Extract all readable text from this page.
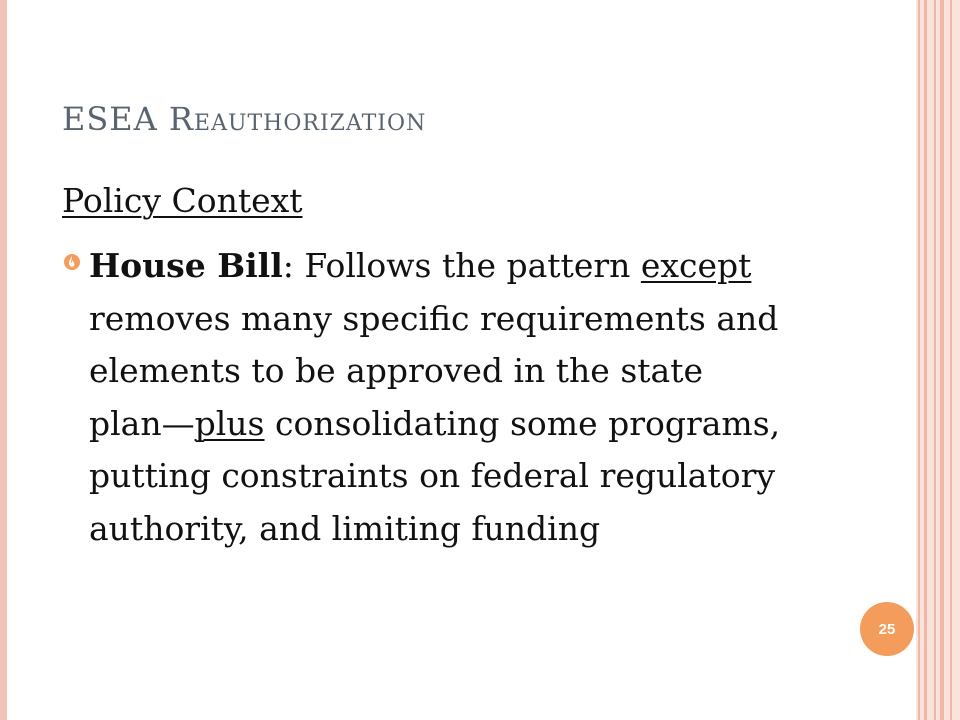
ESEA REAUTHORIZATION
Policy Context
House Bill: Follows the pattern except removes many specific requirements and elements to be approved in the state plan—plus consolidating some programs, putting constraints on federal regulatory authority, and limiting funding
25
